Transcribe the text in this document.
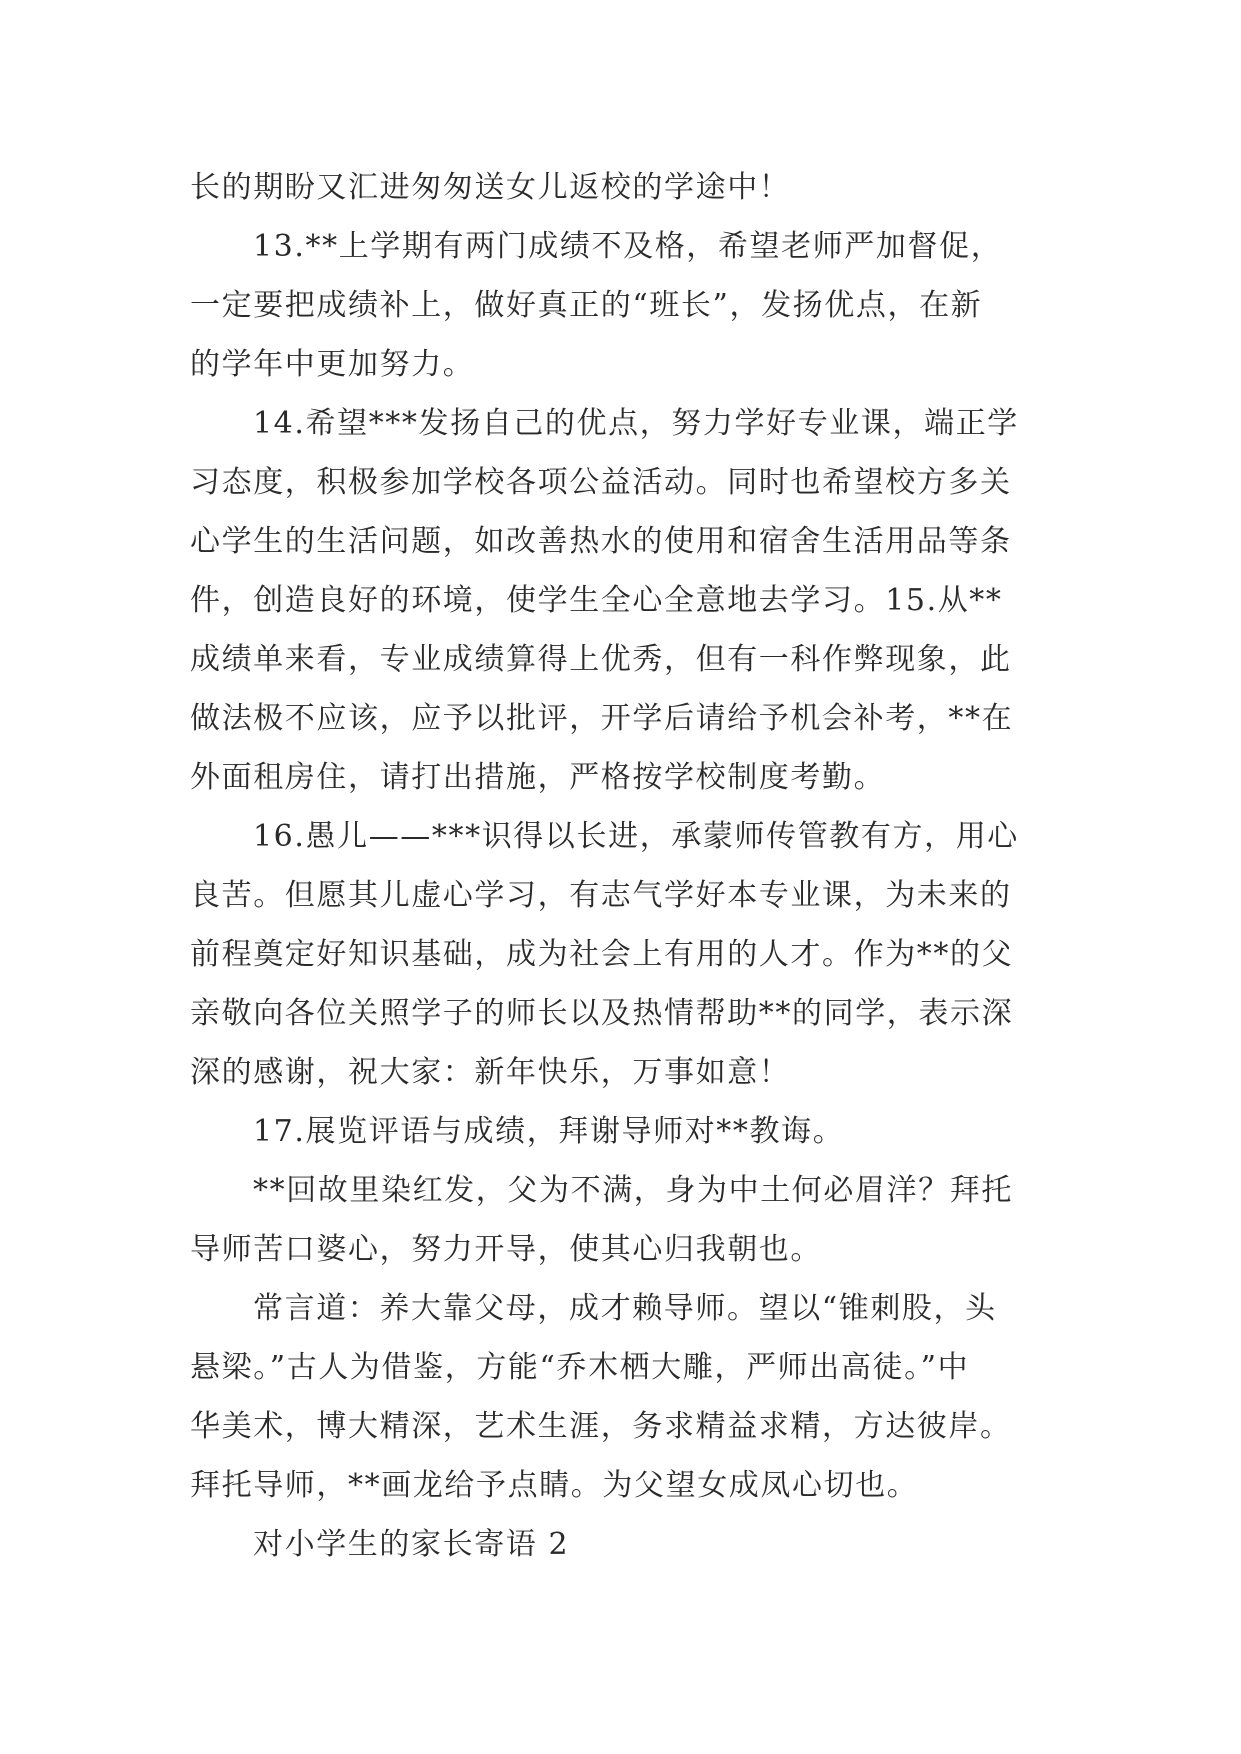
长的期盼又汇进匆匆送女儿返校的学途中！
13.**上学期有两门成绩不及格，希望老师严加督促，
一定要把成绩补上，做好真正的“班长”，发扬优点，在新
的学年中更加努力。
14.希望***发扬自己的优点，努力学好专业课，端正学
习态度，积极参加学校各项公益活动。同时也希望校方多关
心学生的生活问题，如改善热水的使用和宿舍生活用品等条
件，创造良好的环境，使学生全心全意地去学习。15.从**
成绩单来看，专业成绩算得上优秀，但有一科作弊现象，此
做法极不应该，应予以批评，开学后请给予机会补考，**在
外面租房住，请打出措施，严格按学校制度考勤。
16.愚儿——***识得以长进，承蒙师传管教有方，用心
良苦。但愿其儿虚心学习，有志气学好本专业课，为未来的
前程奠定好知识基础，成为社会上有用的人才。作为**的父
亲敬向各位关照学子的师长以及热情帮助**的同学，表示深
深的感谢，祝大家：新年快乐，万事如意！
17.展览评语与成绩，拜谢导师对**教诲。
**回故里染红发，父为不满，身为中土何必眉洋？拜托
导师苦口婆心，努力开导，使其心归我朝也。
常言道：养大靠父母，成才赖导师。望以“锥刺股，头
悬梁。”古人为借鉴，方能“乔木栖大雕，严师出高徒。”中
华美术，博大精深，艺术生涯，务求精益求精，方达彼岸。
拜托导师，**画龙给予点睛。为父望女成凤心切也。
对小学生的家长寄语 2
